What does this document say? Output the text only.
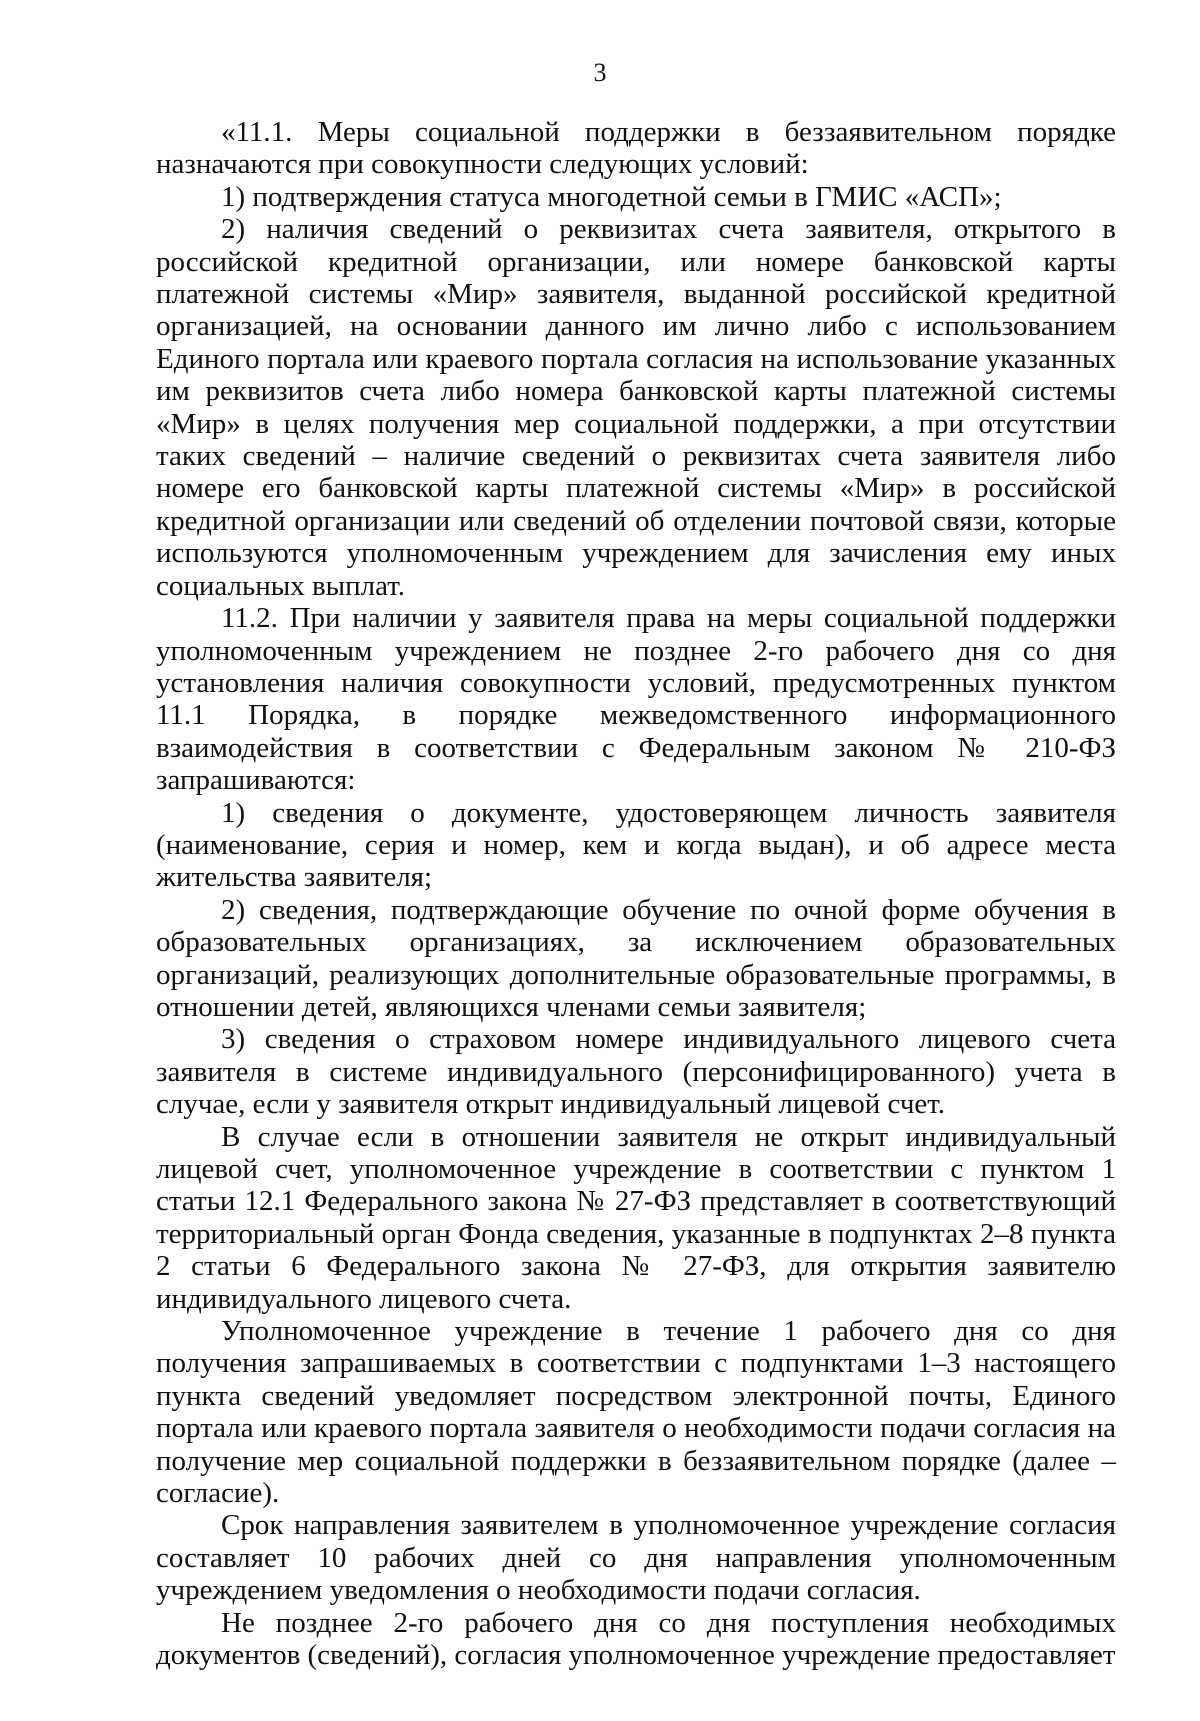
3

«11.1. Меры социальной поддержки в беззаявительном порядке назначаются при совокупности следующих условий:

1) подтверждения статуса многодетной семьи в ГМИС «АСП»;

2) наличия сведений о реквизитах счета заявителя, открытого в российской кредитной организации, или номере банковской карты платежной системы «Мир» заявителя, выданной российской кредитной организацией, на основании данного им лично либо с использованием Единого портала или краевого портала согласия на использование указанных им реквизитов счета либо номера банковской карты платежной системы «Мир» в целях получения мер социальной поддержки, а при отсутствии таких сведений – наличие сведений о реквизитах счета заявителя либо номере его банковской карты платежной системы «Мир» в российской кредитной организации или сведений об отделении почтовой связи, которые используются уполномоченным учреждением для зачисления ему иных социальных выплат.

11.2. При наличии у заявителя права на меры социальной поддержки уполномоченным учреждением не позднее 2-го рабочего дня со дня установления наличия совокупности условий, предусмотренных пунктом 11.1 Порядка, в порядке межведомственного информационного взаимодействия в соответствии с Федеральным законом № 210-ФЗ запрашиваются:

1) сведения о документе, удостоверяющем личность заявителя (наименование, серия и номер, кем и когда выдан), и об адресе места жительства заявителя;

2) сведения, подтверждающие обучение по очной форме обучения в образовательных организациях, за исключением образовательных организаций, реализующих дополнительные образовательные программы, в отношении детей, являющихся членами семьи заявителя;

3) сведения о страховом номере индивидуального лицевого счета заявителя в системе индивидуального (персонифицированного) учета в случае, если у заявителя открыт индивидуальный лицевой счет.

В случае если в отношении заявителя не открыт индивидуальный лицевой счет, уполномоченное учреждение в соответствии с пунктом 1 статьи 12.1 Федерального закона № 27-ФЗ представляет в соответствующий территориальный орган Фонда сведения, указанные в подпунктах 2–8 пункта 2 статьи 6 Федерального закона № 27-ФЗ, для открытия заявителю индивидуального лицевого счета.

Уполномоченное учреждение в течение 1 рабочего дня со дня получения запрашиваемых в соответствии с подпунктами 1–3 настоящего пункта сведений уведомляет посредством электронной почты, Единого портала или краевого портала заявителя о необходимости подачи согласия на получение мер социальной поддержки в беззаявительном порядке (далее – согласие).

Срок направления заявителем в уполномоченное учреждение согласия составляет 10 рабочих дней со дня направления уполномоченным учреждением уведомления о необходимости подачи согласия.

Не позднее 2-го рабочего дня со дня поступления необходимых документов (сведений), согласия уполномоченное учреждение предоставляет
